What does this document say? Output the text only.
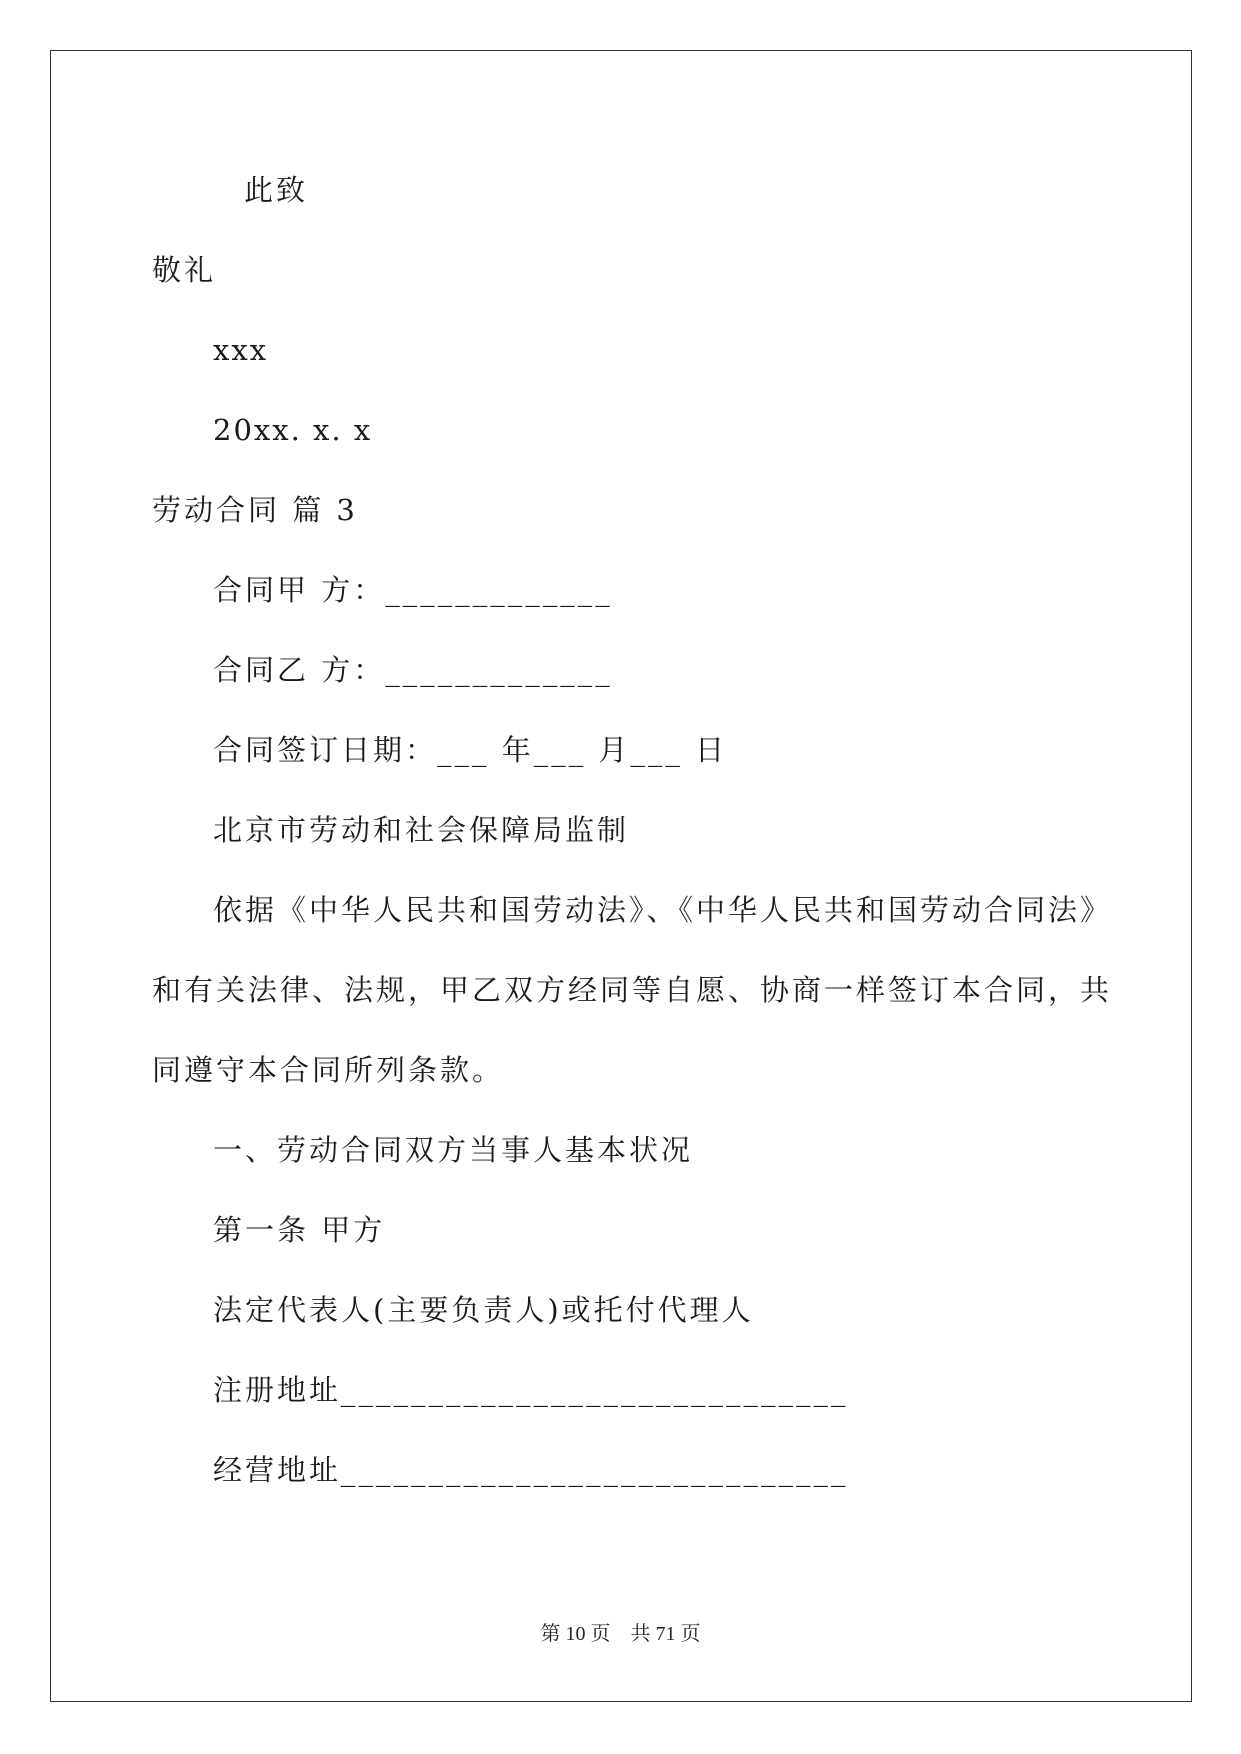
此致
敬礼
xxx
20xx. x. x
劳动合同 篇 3
合同甲 方：_____________
合同乙 方：_____________
合同签订日期：___ 年___ 月___ 日
北京市劳动和社会保障局监制
依据《中华人民共和国劳动法》、《中华人民共和国劳动合同法》
和有关法律、法规，甲乙双方经同等自愿、协商一样签订本合同，共
同遵守本合同所列条款。
一、劳动合同双方当事人基本状况
第一条 甲方
法定代表人(主要负责人)或托付代理人
注册地址_____________________________
经营地址_____________________________
第 10 页    共 71 页
